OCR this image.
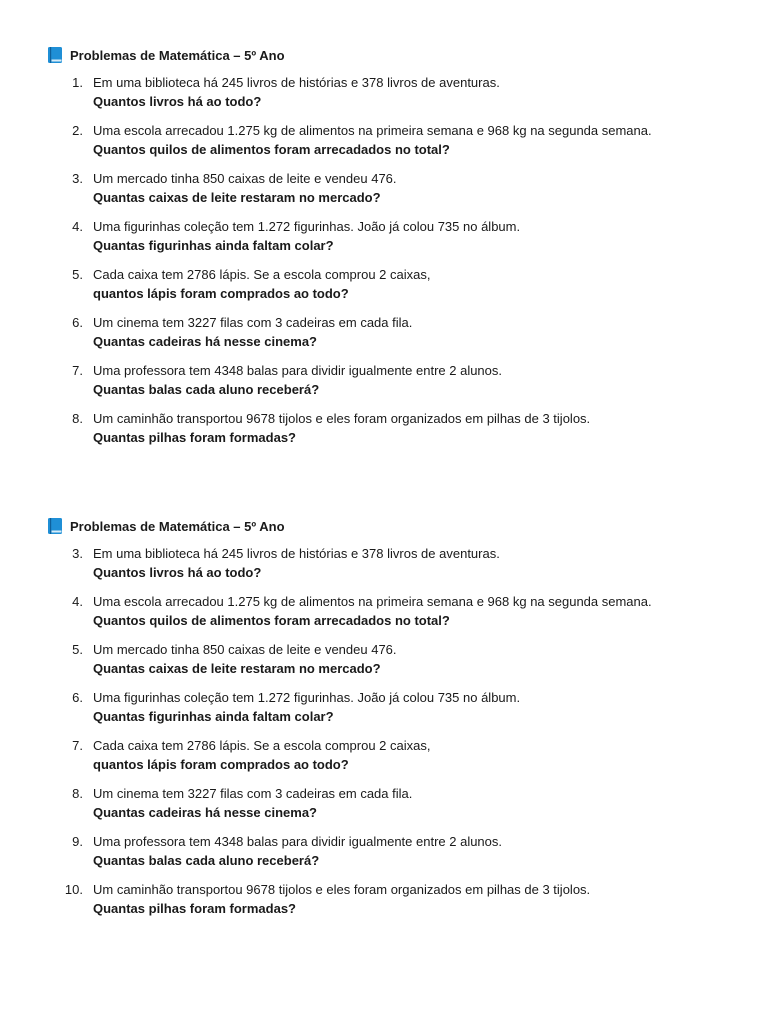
Problemas de Matemática – 5º Ano
1. Em uma biblioteca há 245 livros de histórias e 378 livros de aventuras.
Quantos livros há ao todo?
2. Uma escola arrecadou 1.275 kg de alimentos na primeira semana e 968 kg na segunda semana.
Quantos quilos de alimentos foram arrecadados no total?
3. Um mercado tinha 850 caixas de leite e vendeu 476.
Quantas caixas de leite restaram no mercado?
4. Uma figurinhas coleção tem 1.272 figurinhas. João já colou 735 no álbum.
Quantas figurinhas ainda faltam colar?
5. Cada caixa tem 2786 lápis. Se a escola comprou 2 caixas,
quantos lápis foram comprados ao todo?
6. Um cinema tem 3227 filas com 3 cadeiras em cada fila.
Quantas cadeiras há nesse cinema?
7. Uma professora tem 4348 balas para dividir igualmente entre 2 alunos.
Quantas balas cada aluno receberá?
8. Um caminhão transportou 9678 tijolos e eles foram organizados em pilhas de 3 tijolos.
Quantas pilhas foram formadas?
Problemas de Matemática – 5º Ano
3. Em uma biblioteca há 245 livros de histórias e 378 livros de aventuras.
Quantos livros há ao todo?
4. Uma escola arrecadou 1.275 kg de alimentos na primeira semana e 968 kg na segunda semana.
Quantos quilos de alimentos foram arrecadados no total?
5. Um mercado tinha 850 caixas de leite e vendeu 476.
Quantas caixas de leite restaram no mercado?
6. Uma figurinhas coleção tem 1.272 figurinhas. João já colou 735 no álbum.
Quantas figurinhas ainda faltam colar?
7. Cada caixa tem 2786 lápis. Se a escola comprou 2 caixas,
quantos lápis foram comprados ao todo?
8. Um cinema tem 3227 filas com 3 cadeiras em cada fila.
Quantas cadeiras há nesse cinema?
9. Uma professora tem 4348 balas para dividir igualmente entre 2 alunos.
Quantas balas cada aluno receberá?
10. Um caminhão transportou 9678 tijolos e eles foram organizados em pilhas de 3 tijolos.
Quantas pilhas foram formadas?
